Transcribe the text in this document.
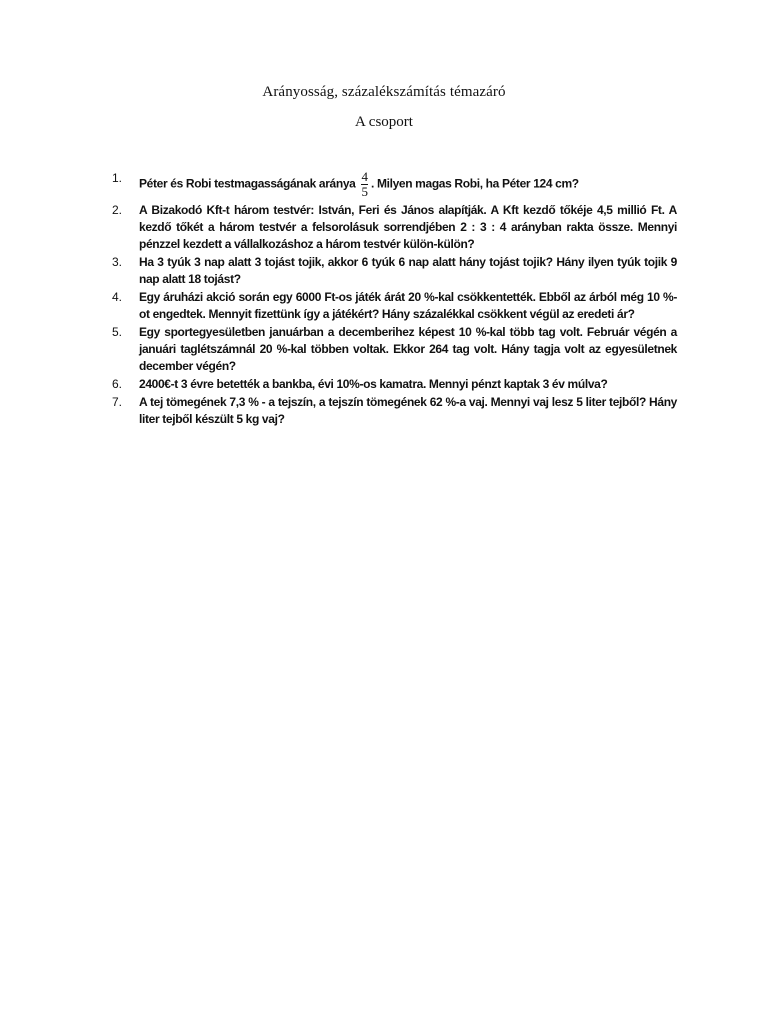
Arányosság, százalékszámítás témazáró
A csoport
1. Péter és Robi testmagasságának aránya $\frac{4}{5}$ . Milyen magas Robi, ha Péter 124 cm?
2. A Bizakodó Kft-t három testvér: István, Feri és János alapítják. A Kft kezdő tőkéje 4,5 millió Ft. A kezdő tőkét a három testvér a felsorolásuk sorrendjében 2 : 3 : 4 arányban rakta össze. Mennyi pénzzel kezdett a vállalkozáshoz a három testvér külön-külön?
3. Ha 3 tyúk 3 nap alatt 3 tojást tojik, akkor 6 tyúk 6 nap alatt hány tojást tojik? Hány ilyen tyúk tojik 9 nap alatt 18 tojást?
4. Egy áruházi akció során egy 6000 Ft-os játék árát 20 %-kal csökkentették. Ebből az árból még 10 %-ot engedtek. Mennyit fizettünk így a játékért? Hány százalékkal csökkent végül az eredeti ár?
5. Egy sportegyesületben januárban a decemberihez képest 10 %-kal több tag volt. Február végén a januári taglétszámnál 20 %-kal többen voltak. Ekkor 264 tag volt. Hány tagja volt az egyesületnek december végén?
6. 2400€-t 3 évre betették a bankba, évi 10%-os kamatra. Mennyi pénzt kaptak 3 év múlva?
7. A tej tömegének 7,3 % - a tejszín, a tejszín tömegének 62 %-a vaj. Mennyi vaj lesz 5 liter tejből? Hány liter tejből készült 5 kg vaj?
